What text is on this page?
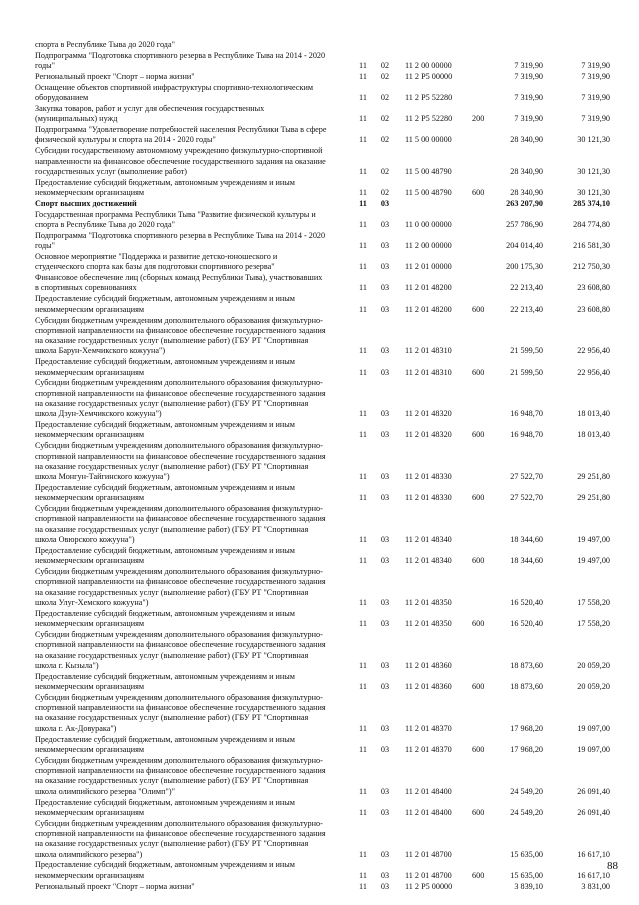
спорта в Республике Тыва до 2020 года"
Подпрограмма "Подготовка спортивного резерва в Республике Тыва на 2014 - 2020
годы"	11 02 11 2 00 00000	7 319,90	7 319,90
Региональный проект "Спорт – норма жизни"	11 02 11 2 P5 00000	7 319,90	7 319,90
Оснащение объектов спортивной инфраструктуры спортивно-технологическим
оборудованием	11 02 11 2 P5 52280	7 319,90	7 319,90
Закупка товаров, работ и услуг для обеспечения государственных
(муниципальных) нужд	11 02 11 2 P5 52280 200	7 319,90	7 319,90
Подпрограмма "Удовлетворение потребностей населения Республики Тыва в сфере
физической культуры и спорта на 2014 - 2020 годы"	11 02 11 5 00 00000	28 340,90	30 121,30
Субсидии государственному автономному учреждению физкультурно-спортивной
направленности на финансовое обеспечение государственного задания на оказание
государственных услуг (выполнение работ)	11 02 11 5 00 48790	28 340,90	30 121,30
Предоставление субсидий бюджетным, автономным учреждениям и иным
некоммерческим организациям	11 02 11 5 00 48790 600	28 340,90	30 121,30
Спорт высших достижений	11 03	263 207,90	285 374,10
Государственная программа Республики Тыва "Развитие физической культуры и
спорта в Республике Тыва до 2020 года"	11 03 11 0 00 00000	257 786,90	284 774,80
Подпрограмма "Подготовка спортивного резерва в Республике Тыва на 2014 - 2020
годы"	11 03 11 2 00 00000	204 014,40	216 581,30
Основное мероприятие "Поддержка и развитие детско-юношеского и
студенческого спорта как базы для подготовки спортивного резерва"	11 03 11 2 01 00000	200 175,30	212 750,30
Финансовое обеспечение лиц (сборных команд Республики Тыва), участвовавших
в спортивных соревнованиях	11 03 11 2 01 48200	22 213,40	23 608,80
Предоставление субсидий бюджетным, автономным учреждениям и иным
некоммерческим организациям	11 03 11 2 01 48200 600	22 213,40	23 608,80
Субсидии бюджетным учреждениям дополнительного образования физкультурно-
спортивной направленности на финансовое обеспечение государственного задания
на оказание государственных услуг (выполнение работ) (ГБУ РТ "Спортивная
школа Барун-Хемчикского кожууна")	11 03 11 2 01 48310	21 599,50	22 956,40
Предоставление субсидий бюджетным, автономным учреждениям и иным
некоммерческим организациям	11 03 11 2 01 48310 600	21 599,50	22 956,40
Субсидии бюджетным учреждениям дополнительного образования физкультурно-
спортивной направленности на финансовое обеспечение государственного задания
на оказание государственных услуг (выполнение работ) (ГБУ РТ "Спортивная
школа Дзун-Хемчикского кожууна")	11 03 11 2 01 48320	16 948,70	18 013,40
Предоставление субсидий бюджетным, автономным учреждениям и иным
некоммерческим организациям	11 03 11 2 01 48320 600	16 948,70	18 013,40
Субсидии бюджетным учреждениям дополнительного образования физкультурно-
спортивной направленности на финансовое обеспечение государственного задания
на оказание государственных услуг (выполнение работ) (ГБУ РТ "Спортивная
школа Монгун-Тайгинского кожууна")	11 03 11 2 01 48330	27 522,70	29 251,80
Предоставление субсидий бюджетным, автономным учреждениям и иным
некоммерческим организациям	11 03 11 2 01 48330 600	27 522,70	29 251,80
Субсидии бюджетным учреждениям дополнительного образования физкультурно-
спортивной направленности на финансовое обеспечение государственного задания
на оказание государственных услуг (выполнение работ) (ГБУ РТ "Спортивная
школа Овюрского кожууна")	11 03 11 2 01 48340	18 344,60	19 497,00
Предоставление субсидий бюджетным, автономным учреждениям и иным
некоммерческим организациям	11 03 11 2 01 48340 600	18 344,60	19 497,00
Субсидии бюджетным учреждениям дополнительного образования физкультурно-
спортивной направленности на финансовое обеспечение государственного задания
на оказание государственных услуг (выполнение работ) (ГБУ РТ "Спортивная
школа Улуг-Хемского кожууна")	11 03 11 2 01 48350	16 520,40	17 558,20
Предоставление субсидий бюджетным, автономным учреждениям и иным
некоммерческим организациям	11 03 11 2 01 48350 600	16 520,40	17 558,20
Субсидии бюджетным учреждениям дополнительного образования физкультурно-
спортивной направленности на финансовое обеспечение государственного задания
на оказание государственных услуг (выполнение работ) (ГБУ РТ "Спортивная
школа г. Кызыла")	11 03 11 2 01 48360	18 873,60	20 059,20
Предоставление субсидий бюджетным, автономным учреждениям и иным
некоммерческим организациям	11 03 11 2 01 48360 600	18 873,60	20 059,20
Субсидии бюджетным учреждениям дополнительного образования физкультурно-
спортивной направленности на финансовое обеспечение государственного задания
на оказание государственных услуг (выполнение работ) (ГБУ РТ "Спортивная
школа г. Ак-Довурака")	11 03 11 2 01 48370	17 968,20	19 097,00
Предоставление субсидий бюджетным, автономным учреждениям и иным
некоммерческим организациям	11 03 11 2 01 48370 600	17 968,20	19 097,00
Субсидии бюджетным учреждениям дополнительного образования физкультурно-
спортивной направленности на финансовое обеспечение государственного задания
на оказание государственных услуг (выполнение работ) (ГБУ РТ "Спортивная
школа олимпийского резерва "Олимп")"	11 03 11 2 01 48400	24 549,20	26 091,40
Предоставление субсидий бюджетным, автономным учреждениям и иным
некоммерческим организациям	11 03 11 2 01 48400 600	24 549,20	26 091,40
Субсидии бюджетным учреждениям дополнительного образования физкультурно-
спортивной направленности на финансовое обеспечение государственного задания
на оказание государственных услуг (выполнение работ) (ГБУ РТ "Спортивная
школа олимпийского резерва")	11 03 11 2 01 48700	15 635,00	16 617,10
Предоставление субсидий бюджетным, автономным учреждениям и иным
некоммерческим организациям	11 03 11 2 01 48700 600	15 635,00	16 617,10
Региональный проект "Спорт – норма жизни"	11 03 11 2 P5 00000	3 839,10	3 831,00
88
